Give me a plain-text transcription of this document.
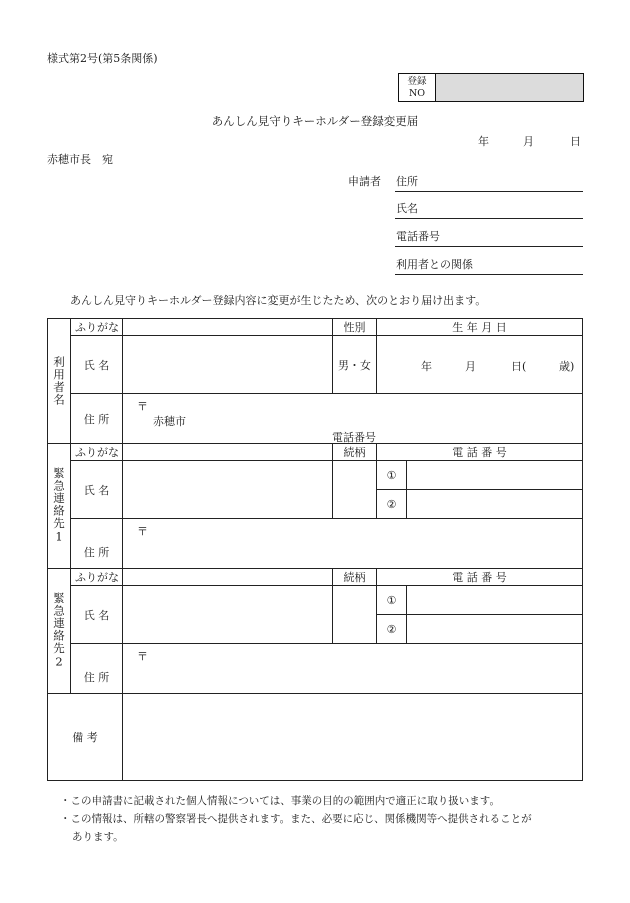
様式第2号(第5条関係)
登録
NO
あんしん見守りキーホルダー登録変更届
年	月	日
赤穂市長　宛
申請者 住所
氏名
電話番号
利用者との関係
あんしん見守りキーホルダー登録内容に変更が生じたため、次のとおり届け出ます。
利用者名	ふりがな		性別	生 年 月 日	
	氏 名		男・女	年 月 日( 歳)	

	住 所	〒
赤穂市
電話番号			

緊急連絡先1	ふりがな		続柄	電 話 番 号	
	氏 名			①	
				②	
	住 所	〒			

緊急連絡先2	ふりがな		続柄	電 話 番 号	
	氏 名			①	
				②	
	住 所	〒			

備 考					
・この申請書に記載された個人情報については、事業の目的の範囲内で適正に取り扱います。
・この情報は、所轄の警察署長へ提供されます。また、必要に応じ、関係機関等へ提供されることが
あります。
